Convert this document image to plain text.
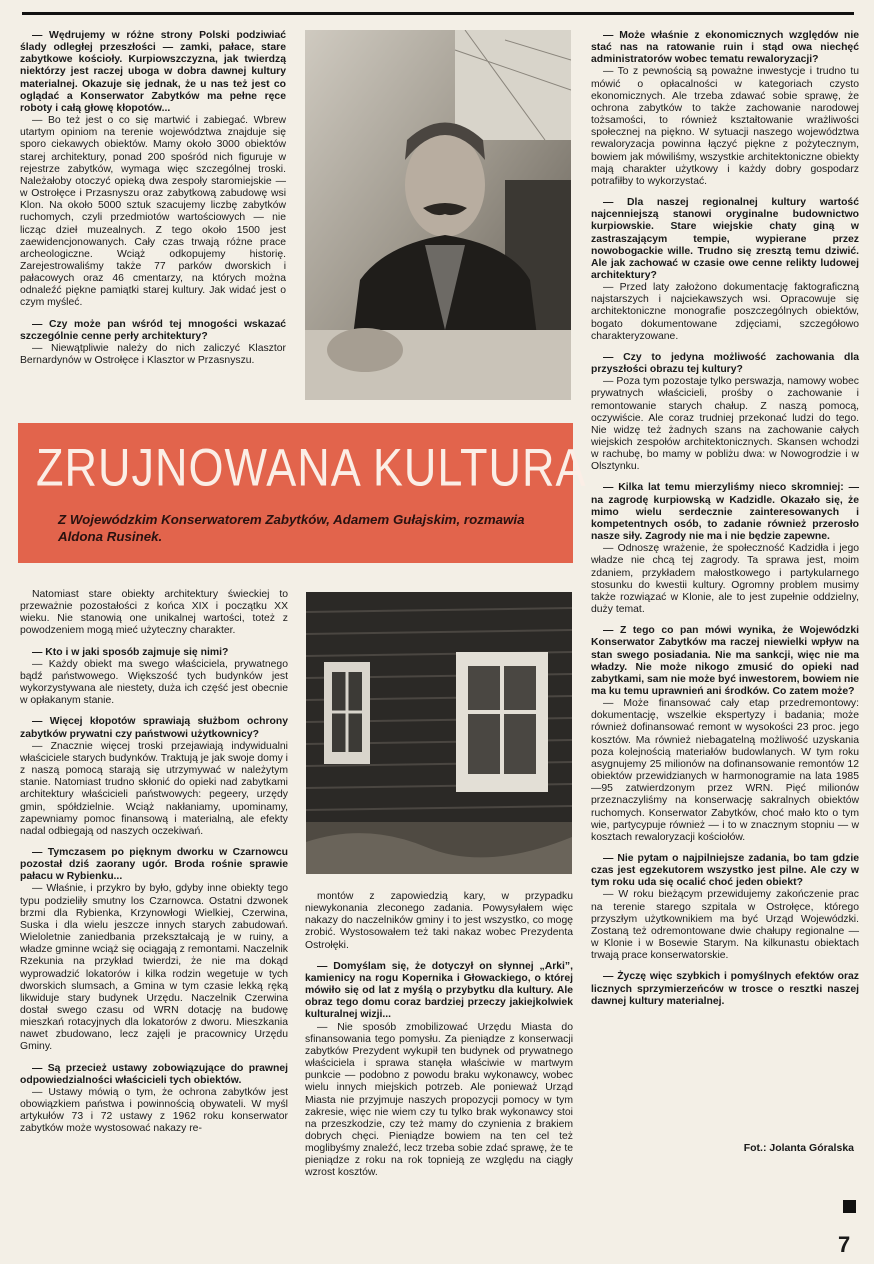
— Wędrujemy w różne strony Polski podziwiać ślady odległej przeszłości — zamki, pałace, stare zabytkowe kościoły. Kurpiowszczyzna, jak twierdzą niektórzy jest raczej uboga w dobra dawnej kultury materialnej. Okazuje się jednak, że u nas też jest co oglądać a Konserwator Zabytków ma pełne ręce roboty i całą głowę kłopotów...

— Bo też jest o co się martwić i zabiegać. Wbrew utartym opiniom na terenie województwa znajduje się sporo ciekawych obiektów. Mamy około 3000 obiektów starej architektury, ponad 200 spośród nich figuruje w rejestrze zabytków, wymaga więc szczególnej troski. Należałoby otoczyć opieką dwa zespoły staromiejskie — w Ostrołęce i Przasnyszu oraz zabytkową zabudowę wsi Klon. Na około 5000 sztuk szacujemy liczbę zabytków ruchomych, czyli przedmiotów wartościowych — nie licząc dzieł muzealnych. Z tego około 1500 jest zaewidencjonowanych. Cały czas trwają różne prace archeologiczne. Wciąż odkopujemy historię. Zarejestrowaliśmy także 77 parków dworskich i pałacowych oraz 46 cmentarzy, na których można odnaleźć piękne pamiątki starej kultury. Jak widać jest o czym myśleć.

— Czy może pan wśród tej mnogości wskazać szczególnie cenne perły architektury?

— Niewątpliwie należy do nich zaliczyć Klasztor Bernardynów w Ostrołęce i Klasztor w Przasnyszu.

— Może właśnie z ekonomicznych względów nie stać nas na ratowanie ruin i stąd owa niechęć administratorów wobec tematu rewaloryzacji?

— To z pewnością są poważne inwestycje i trudno tu mówić o opłacalności w kategoriach czysto ekonomicznych. Ale trzeba zdawać sobie sprawę, że ochrona zabytków to także zachowanie narodowej tożsamości, to również kształtowanie wrażliwości społecznej na piękno. W sytuacji naszego województwa rewaloryzacja powinna łączyć piękne z pożytecznym, bowiem jak mówiliśmy, wszystkie architektoniczne obiekty mają charakter użytkowy i każdy dobry gospodarz potrafiłby to wykorzystać.

— Dla naszej regionalnej kultury wartość najcenniejszą stanowi oryginalne budownictwo kurpiowskie. Stare wiejskie chaty giną w zastraszającym tempie, wypierane przez nowobogackie wille. Trudno się zresztą temu dziwić. Ale jak zachować w czasie owe cenne relikty ludowej architektury?

— Przed laty założono dokumentację faktograficzną najstarszych i najciekawszych wsi. Opracowuje się architektoniczne monografie poszczególnych obiektów, bogato dokumentowane zdjęciami, szczegółowo charakteryzowane.

— Czy to jedyna możliwość zachowania dla przyszłości obrazu tej kultury?

— Poza tym pozostaje tylko perswazja, namowy wobec prywatnych właścicieli, prośby o zachowanie i remontowanie starych chałup. Z naszą pomocą, oczywiście. Ale coraz trudniej przekonać ludzi do tego. Nie widzę też żadnych szans na zachowanie całych wiejskich zespołów architektonicznych. Skansen wchodzi w rachubę, bo mamy w pobliżu dwa: w Nowogrodzie i w Olsztynku.

— Kilka lat temu mierzyliśmy nieco skromniej: — na zagrodę kurpiowską w Kadzidle. Okazało się, że mimo wielu serdecznie zainteresowanych i kompetentnych osób, to zadanie również przerosło nasze siły. Zagrody nie ma i nie będzie zapewne.

— Odnoszę wrażenie, że społeczność Kadzidła i jego władze nie chcą tej zagrody. Ta sprawa jest, moim zdaniem, przykładem małostkowego i partykularnego stosunku do kwestii kultury. Ogromny problem musimy także rozwiązać w Klonie, ale to jest zupełnie oddzielny, duży temat.

— Z tego co pan mówi wynika, że Wojewódzki Konserwator Zabytków ma raczej niewielki wpływ na stan swego posiadania. Nie ma sankcji, więc nie ma władzy. Nie może nikogo zmusić do opieki nad zabytkami, sam nie może być inwestorem, bowiem nie ma ku temu uprawnień ani środków. Co zatem może?

— Może finansować cały etap przedremontowy: dokumentację, wszelkie ekspertyzy i badania; może również dofinansować remont w wysokości 23 proc. jego kosztów. Ma również niebagatelną możliwość uzyskania poza kolejnością materiałów budowlanych. W tym roku asygnujemy 25 milionów na dofinansowanie remontów 12 obiektów przewidzianych w harmonogramie na lata 1985—95 zatwierdzonym przez WRN. Pięć milionów przeznaczyliśmy na konserwację sakralnych obiektów ruchomych. Konserwator Zabytków, choć mało kto o tym wie, partycypuje również — i to w znacznym stopniu — w kosztach rewaloryzacji kościołów.

— Nie pytam o najpilniejsze zadania, bo tam gdzie czas jest egzekutorem wszystko jest pilne. Ale czy w tym roku uda się ocalić choć jeden obiekt?

— W roku bieżącym przewidujemy zakończenie prac na terenie starego szpitala w Ostrołęce, którego przyszłym użytkownikiem ma być Urząd Wojewódzki. Zostaną też odremontowane dwie chałupy regionalne — w Klonie i w Bosewie Starym. Na kilkunastu obiektach trwają prace konserwatorskie.

— Życzę więc szybkich i pomyślnych efektów oraz licznych sprzymierzeńców w trosce o resztki naszej dawnej kultury materialnej.

ZRUJNOWANA KULTURA
Z Wojewódzkim Konserwatorem Zabytków, Adamem Gułajskim, rozmawia Aldona Rusinek.

Natomiast stare obiekty architektury świeckiej to przeważnie pozostałości z końca XIX i początku XX wieku. Nie stanowią one unikalnej wartości, toteż z powodzeniem mogą mieć użyteczny charakter.

— Kto i w jaki sposób zajmuje się nimi?

— Każdy obiekt ma swego właściciela, prywatnego bądź państwowego. Większość tych budynków jest wykorzystywana ale niestety, duża ich część jest obecnie w opłakanym stanie.

— Więcej kłopotów sprawiają służbom ochrony zabytków prywatni czy państwowi użytkownicy?

— Znacznie więcej troski przejawiają indywidualni właściciele starych budynków. Traktują je jak swoje domy i z naszą pomocą starają się utrzymywać w należytym stanie. Natomiast trudno skłonić do opieki nad zabytkami architektury właścicieli państwowych: pegeery, urzędy gmin, spółdzielnie. Wciąż nakłaniamy, upominamy, zapewniamy pomoc finansową i materialną, ale efekty nadal odbiegają od naszych oczekiwań.

— Tymczasem po pięknym dworku w Czarnowcu pozostał dziś zaorany ugór. Broda rośnie sprawie pałacu w Rybienku...

— Właśnie, i przykro by było, gdyby inne obiekty tego typu podzieliły smutny los Czarnowca. Ostatni dzwonek brzmi dla Rybienka, Krzynowłogi Wielkiej, Czerwina, Suska i dla wielu jeszcze innych starych zabudowań. Wieloletnie zaniedbania przekształcają je w ruiny, a władze gminne wciąż się ociągają z remontami. Naczelnik Rzekunia na przykład twierdzi, że nie ma dokąd wyprowadzić lokatorów i kilka rodzin wegetuje w tych dworskich slumsach, a Gmina w tym czasie lekką ręką likwiduje stary budynek Urzędu. Naczelnik Czerwina dostał swego czasu od WRN dotację na budowę mieszkań rotacyjnych dla lokatorów z dworu. Mieszkania nawet zbudowano, lecz zajęli je pracownicy Urzędu Gminy.

— Są przecież ustawy zobowiązujące do prawnej odpowiedzialności właścicieli tych obiektów.

— Ustawy mówią o tym, że ochrona zabytków jest obowiązkiem państwa i powinnością obywateli. W myśl artykułów 73 i 72 ustawy z 1962 roku konserwator zabytków może wystosować nakazy re-

montów z zapowiedzią kary, w przypadku niewykonania zleconego zadania. Powysyłałem więc nakazy do naczelników gminy i to jest wszystko, co mogę zrobić. Wystosowałem też taki nakaz wobec Prezydenta Ostrołęki.

— Domyślam się, że dotyczył on słynnej „Arki”, kamienicy na rogu Kopernika i Głowackiego, o której mówiło się od lat z myślą o przybytku dla kultury. Ale obraz tego domu coraz bardziej przeczy jakiejkolwiek kulturalnej wizji...

— Nie sposób zmobilizować Urzędu Miasta do sfinansowania tego pomysłu. Za pieniądze z konserwacji zabytków Prezydent wykupił ten budynek od prywatnego właściciela i sprawa stanęła właściwie w martwym punkcie — podobno z powodu braku wykonawcy, wobec wielu innych miejskich potrzeb. Ale ponieważ Urząd Miasta nie przyjmuje naszych propozycji pomocy w tym zakresie, więc nie wiem czy tu tylko brak wykonawcy stoi na przeszkodzie, czy też mamy do czynienia z brakiem dobrych chęci. Pieniądze bowiem na ten cel też moglibyśmy znaleźć, lecz trzeba sobie zdać sprawę, że te pieniądze z roku na rok topnieją ze względu na ciągły wzrost kosztów.

Fot.: Jolanta Góralska
7
